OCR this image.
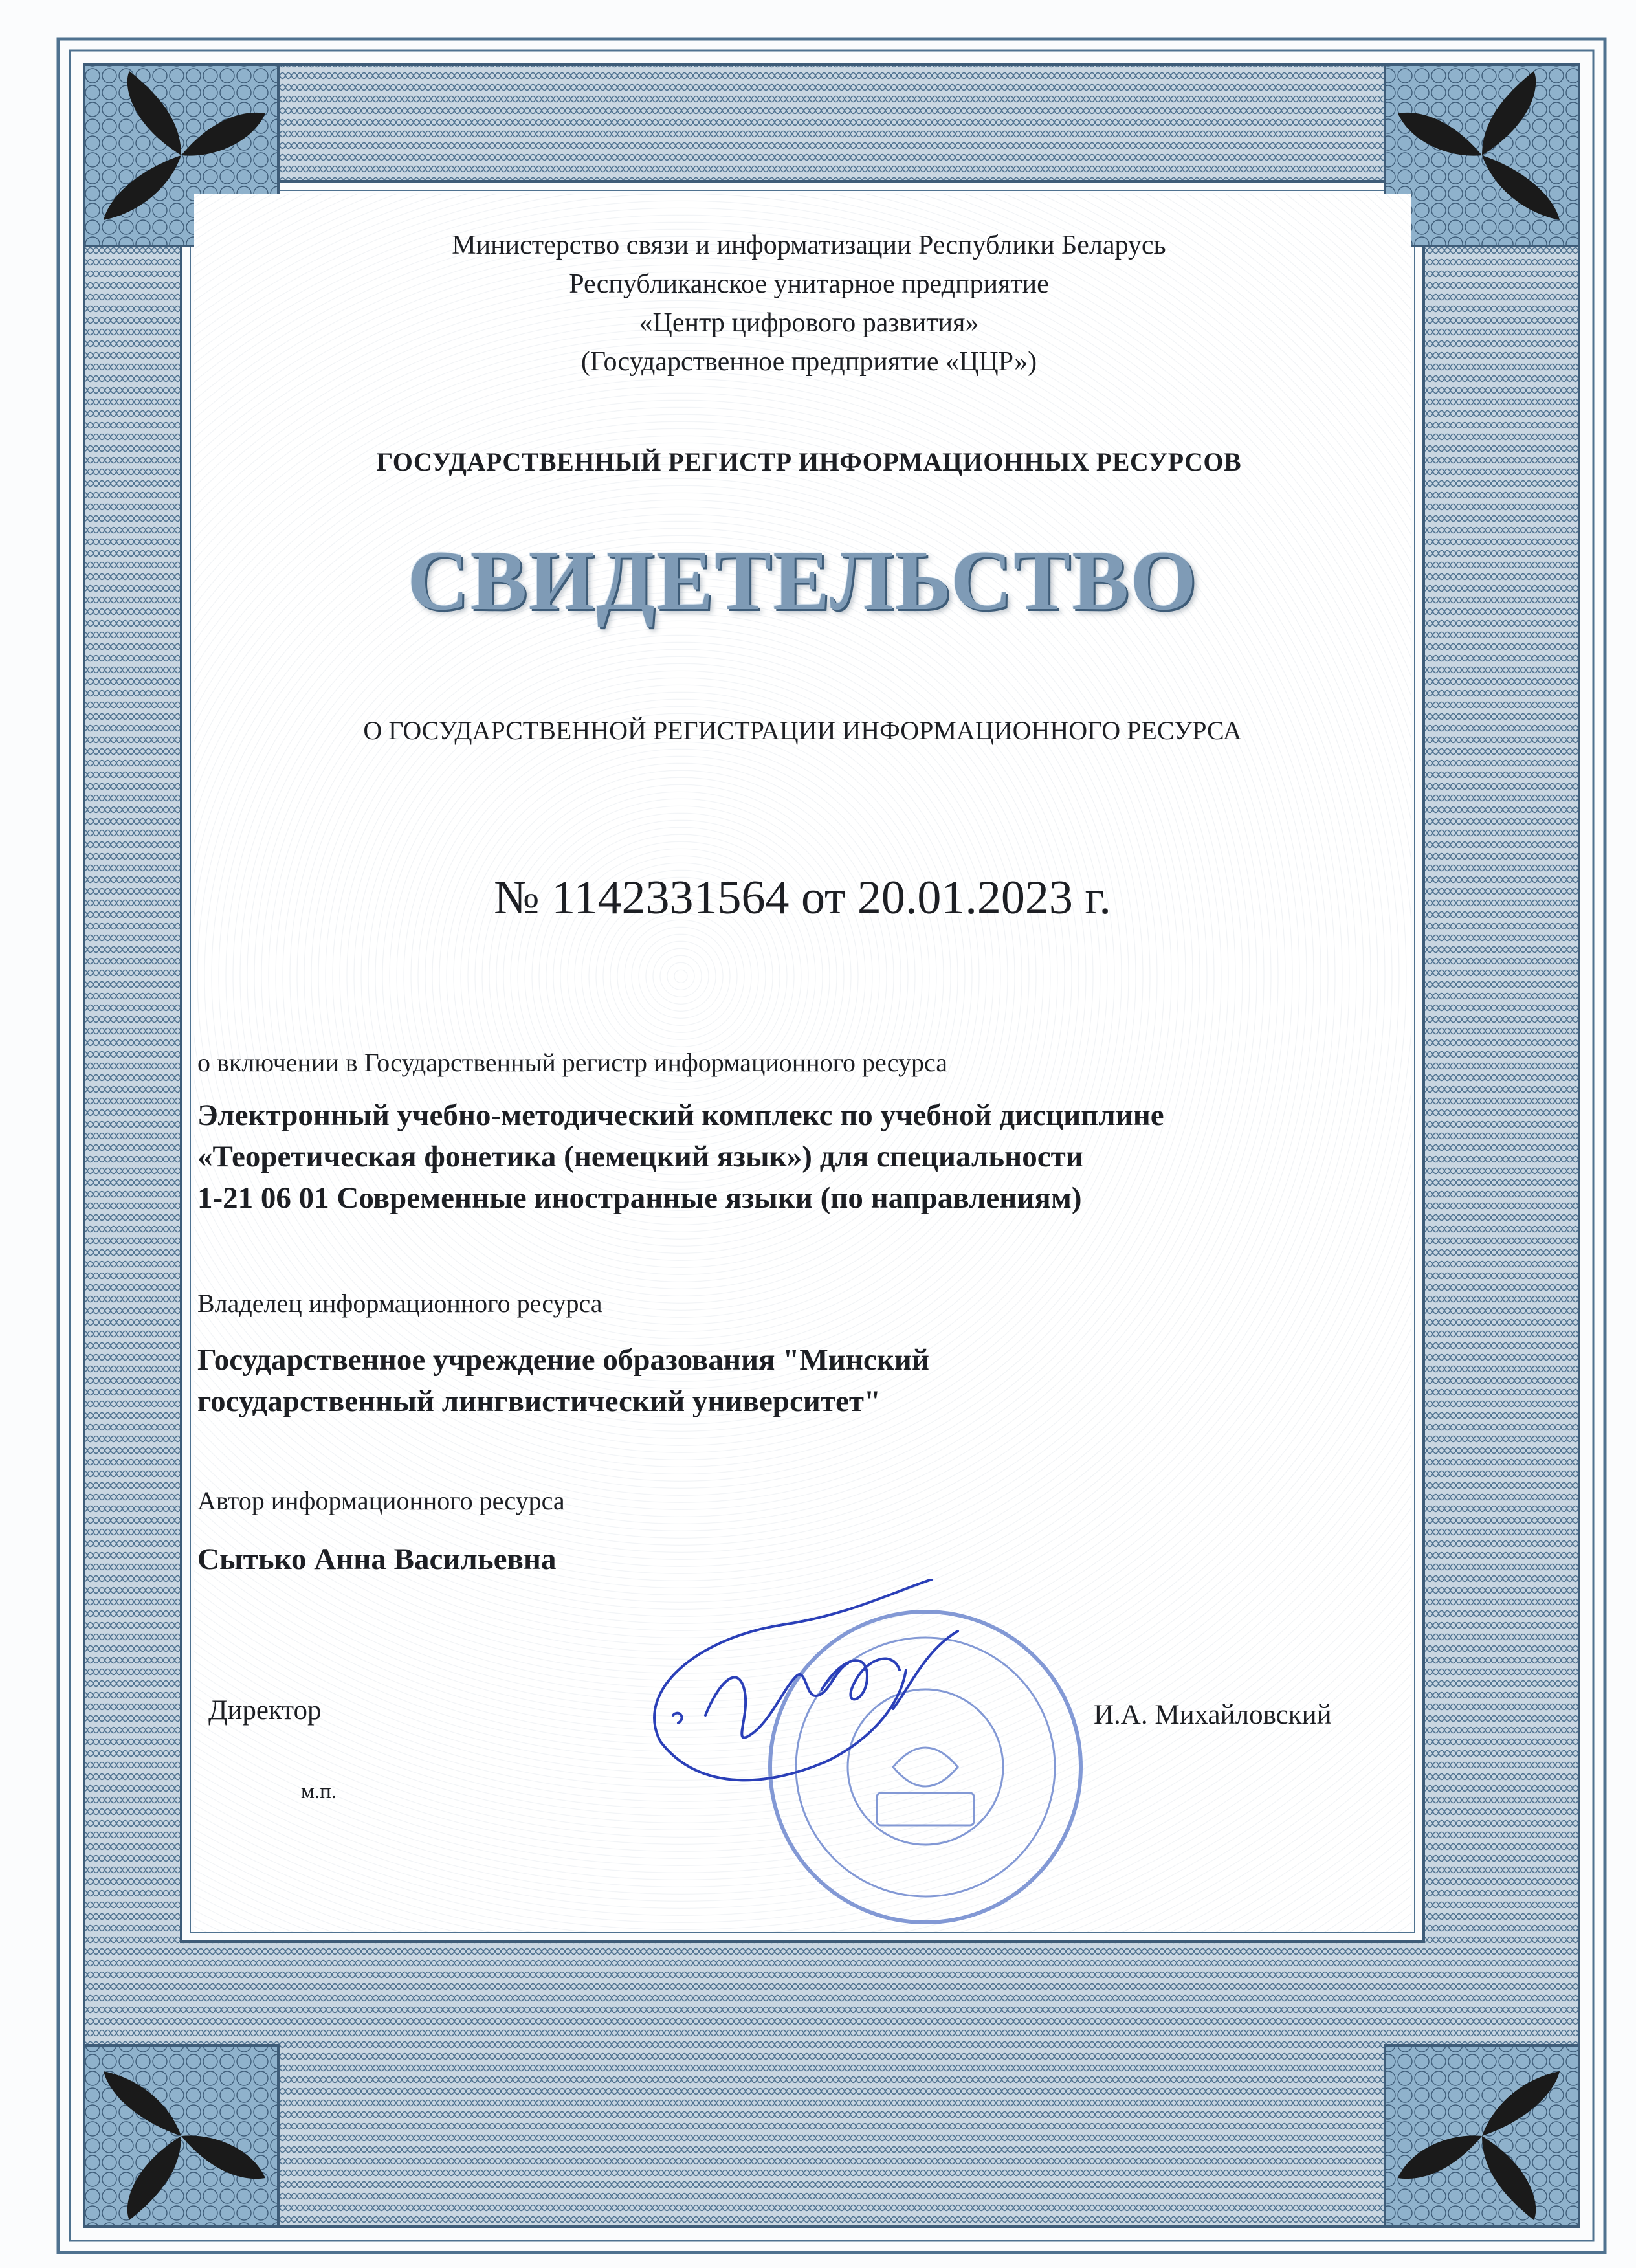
Министерство связи и информатизации Республики Беларусь

Республиканское унитарное предприятие

«Центр цифрового развития»

(Государственное предприятие «ЦЦР»)

ГОСУДАРСТВЕННЫЙ РЕГИСТР ИНФОРМАЦИОННЫХ РЕСУРСОВ

СВИДЕТЕЛЬСТВО

О ГОСУДАРСТВЕННОЙ РЕГИСТРАЦИИ ИНФОРМАЦИОННОГО РЕСУРСА

№ 1142331564 от 20.01.2023 г.

о включении в Государственный регистр информационного ресурса

Электронный учебно-методический комплекс по учебной дисциплине

«Теоретическая фонетика (немецкий язык») для специальности

1-21 06 01 Современные иностранные языки (по направлениям)

Владелец информационного ресурса

Государственное учреждение образования "Минский

государственный лингвистический университет"

Автор информационного ресурса

Сытько Анна Васильевна

Директор	И.А. Михайловский

м.п.
